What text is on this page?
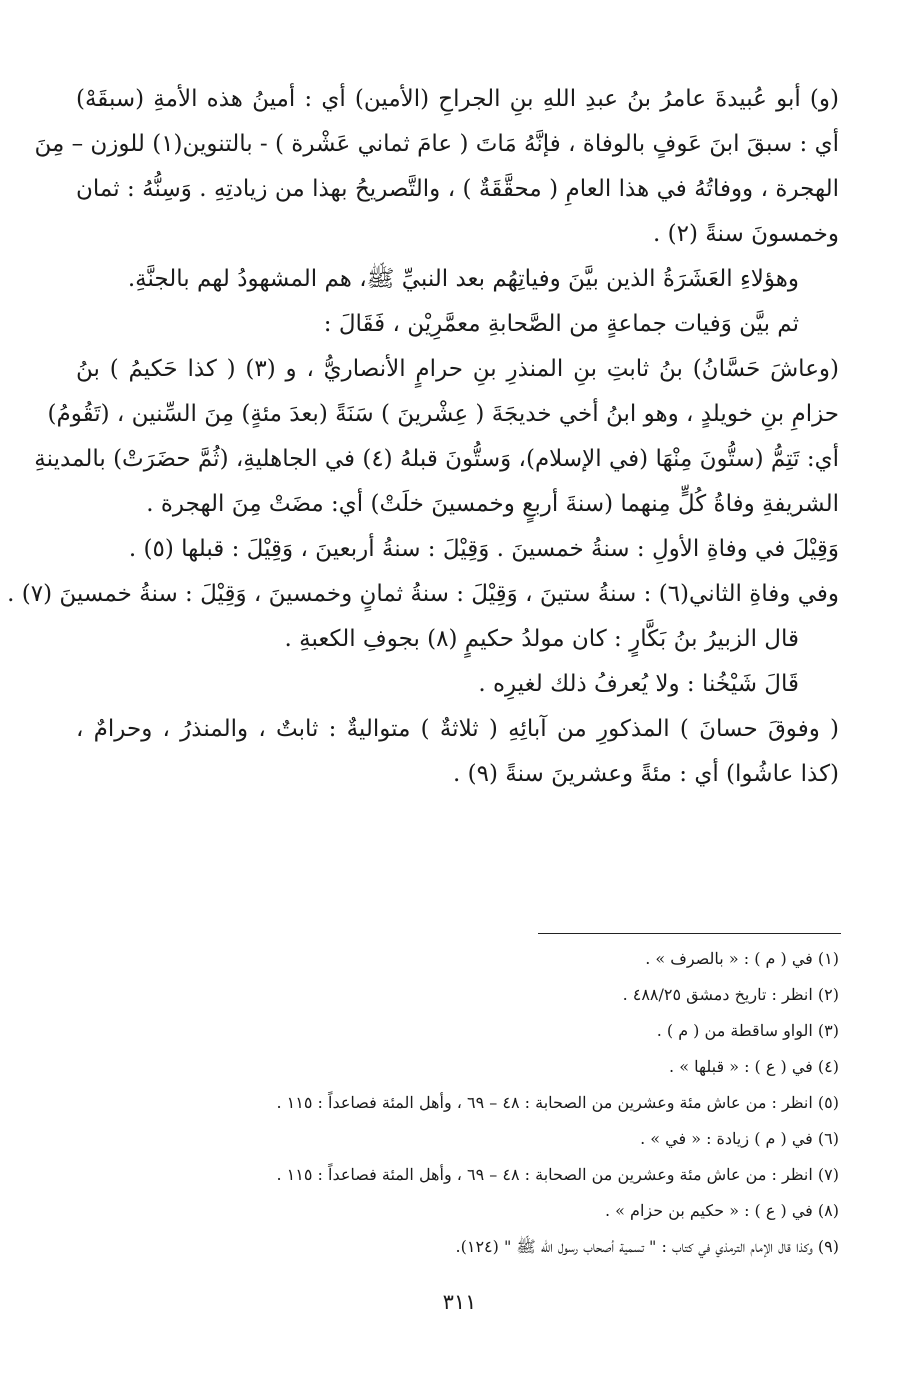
(و) أبو عُبيدةَ عامرُ بنُ عبدِ اللهِ بنِ الجراحِ (الأمين) أي : أمينُ هذه الأمةِ (سبقَهْ)
أي : سبقَ ابنَ عَوفٍ بالوفاة ، فإنَّهُ مَاتَ ( عامَ ثماني عَشْرة ) - بالتنوين(١) للوزن – مِنَ
الهجرة ، ووفاتُهُ في هذا العامِ ( محقَّقَةٌ ) ، والتَّصريحُ بهذا من زيادتِهِ . وَسِنُّهُ : ثمان
وخمسونَ سنةً (٢) .
وهؤلاءِ العَشَرَةُ الذين بيَّنَ وفياتِهُم بعد النبيِّ ﷺ، هم المشهودُ لهم بالجنَّةِ.
ثم بيَّن وَفيات جماعةٍ من الصَّحابةِ معمَّرِيْن ، فَقَالَ :
(وعاشَ حَسَّانُ) بنُ ثابتِ بنِ المنذرِ بنِ حرامٍ الأنصاريُّ ، و (٣) ( كذا حَكيمُ ) بنُ
حزامِ بنِ خويلدٍ ، وهو ابنُ أخي خديجَةَ ( عِشْرينَ ) سَنَةً (بعدَ مئةٍ) مِنَ السِّنين ، (تَقُومُ)
أي: تَتِمُّ (ستُّونَ مِنْهَا (في الإسلام)، وَستُّونَ قبلهُ (٤) في الجاهليةِ، (ثُمَّ حضَرَتْ) بالمدينةِ
الشريفةِ وفاةُ كُلٍّ مِنهما (سنةَ أربعٍ وخمسينَ خلَتْ) أي: مضَتْ مِنَ الهجرة .
وَقِيْلَ في وفاةِ الأولِ : سنةُ خمسينَ . وَقِيْلَ : سنةُ أربعينَ ، وَقِيْلَ : قبلها (٥) .
وفي وفاةِ الثاني(٦) : سنةُ ستينَ ، وَقِيْلَ : سنةُ ثمانٍ وخمسينَ ، وَقِيْلَ : سنةُ خمسينَ (٧) .
قال الزبيرُ بنُ بَكَّارٍ : كان مولدُ حكيمٍ (٨) بجوفِ الكعبةِ .
قَالَ شَيْخُنا : ولا يُعرفُ ذلك لغيرِه .
( وفوقَ حسانَ ) المذكورِ من آبائِهِ ( ثلاثةٌ ) متواليةٌ : ثابتٌ ، والمنذرُ ، وحرامٌ ،
(كذا عاشُوا) أي : مئةً وعشرينَ سنةً (٩) .
(١) في ( م ) : « بالصرف » .
(٢) انظر : تاريخ دمشق ٤٨٨/٢٥ .
(٣) الواو ساقطة من ( م ) .
(٤) في ( ع ) : « قبلها » .
(٥) انظر : من عاش مئة وعشرين من الصحابة : ٤٨ – ٦٩ ، وأهل المئة فصاعداً : ١١٥ .
(٦) في ( م ) زيادة : « في » .
(٧) انظر : من عاش مئة وعشرين من الصحابة : ٤٨ – ٦٩ ، وأهل المئة فصاعداً : ١١٥ .
(٨) في ( ع ) : « حكيم بن حزام » .
(٩) وكذا قال الإمام الترمذي في كتاب : " تسمية أصحاب رسول الله ﷺ " (١٢٤).
٣١١
